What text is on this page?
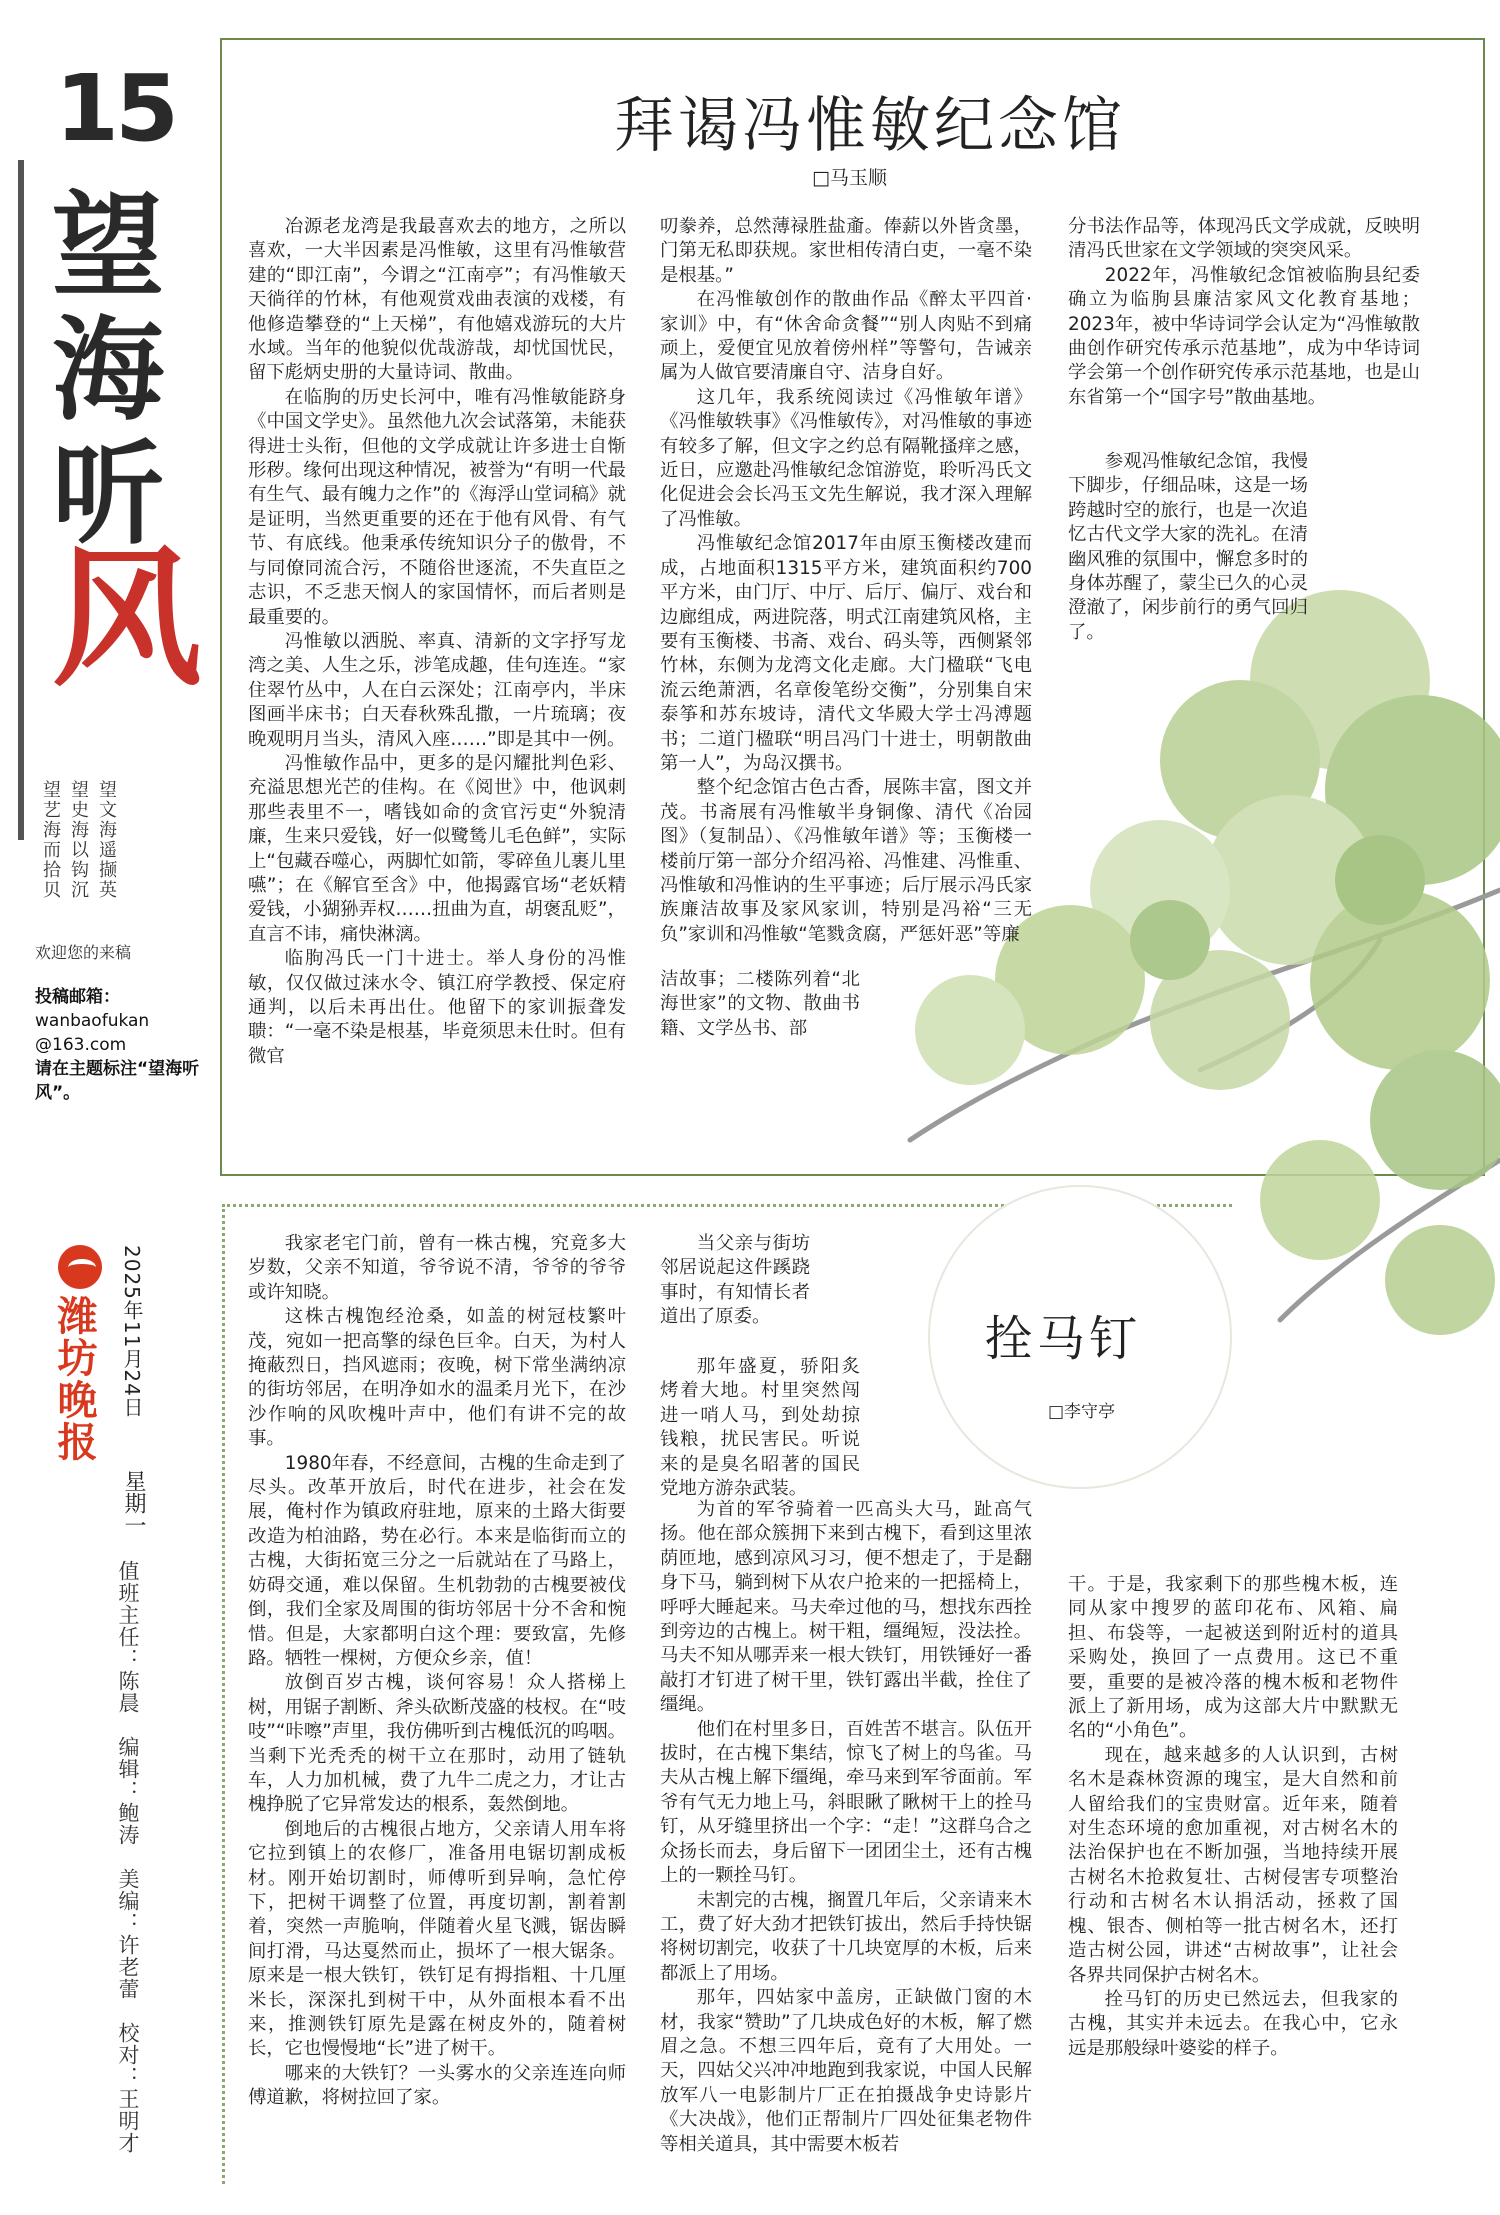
15
望
海
听
风
望文海遥撷英
望史海以钩沉
望艺海而拾贝
欢迎您的来稿
投稿邮箱：
wanbaofukan
@163.com
请在主题标注“望海听风”。
潍坊晚报 2025年11月24日
星期一
值班主任：陈晨　编辑：鲍涛　美编：许老蕾　校对：王明才
拜谒冯惟敏纪念馆
□马玉顺

冶源老龙湾是我最喜欢去的地方，之所以喜欢，一大半因素是冯惟敏，这里有冯惟敏营建的“即江南”，今谓之“江南亭”；有冯惟敏天天徜徉的竹林，有他观赏戏曲表演的戏楼，有他修造攀登的“上天梯”，有他嬉戏游玩的大片水域。当年的他貌似优哉游哉，却忧国忧民，留下彪炳史册的大量诗词、散曲。

在临朐的历史长河中，唯有冯惟敏能跻身《中国文学史》。虽然他九次会试落第，未能获得进士头衔，但他的文学成就让许多进士自惭形秽。缘何出现这种情况，被誉为“有明一代最有生气、最有魄力之作”的《海浮山堂词稿》就是证明，当然更重要的还在于他有风骨、有气节、有底线。他秉承传统知识分子的傲骨，不与同僚同流合污，不随俗世逐流，不失直臣之志识，不乏悲天悯人的家国情怀，而后者则是最重要的。

冯惟敏以洒脱、率真、清新的文字抒写龙湾之美、人生之乐，涉笔成趣，佳句连连。“家住翠竹丛中，人在白云深处；江南亭内，半床图画半床书；白天春秋殊乱撒，一片琉璃；夜晚观明月当头，清风入座……”即是其中一例。

冯惟敏作品中，更多的是闪耀批判色彩、充溢思想光芒的佳构。在《阅世》中，他讽刺那些表里不一，嗜钱如命的贪官污吏“外貌清廉，生来只爱钱，好一似鹭鸶儿毛色鲜”，实际上“包藏吞噬心，两脚忙如箭，零碎鱼儿裹儿里嚥”；在《解官至含》中，他揭露官场“老妖精爱钱，小猢狲弄权……扭曲为直，胡褒乱贬”，直言不讳，痛快淋漓。

临朐冯氏一门十进士。举人身份的冯惟敏，仅仅做过涞水令、镇江府学教授、保定府通判，以后未再出仕。他留下的家训振聋发聩：“一毫不染是根基，毕竟须思未仕时。但有微官

叨豢养，总然薄禄胜盐齑。俸薪以外皆贪墨，门第无私即获规。家世相传清白吏，一毫不染是根基。”

在冯惟敏创作的散曲作品《醉太平四首·家训》中，有“休舍命贪餐”“别人肉贴不到痛顽上，爱便宜见放着傍州样”等警句，告诫亲属为人做官要清廉自守、洁身自好。

这几年，我系统阅读过《冯惟敏年谱》《冯惟敏轶事》《冯惟敏传》，对冯惟敏的事迹有较多了解，但文字之约总有隔靴搔痒之感，近日，应邀赴冯惟敏纪念馆游览，聆听冯氏文化促进会会长冯玉文先生解说，我才深入理解了冯惟敏。

冯惟敏纪念馆2017年由原玉衡楼改建而成，占地面积1315平方米，建筑面积约700平方米，由门厅、中厅、后厅、偏厅、戏台和边廊组成，两进院落，明式江南建筑风格，主要有玉衡楼、书斋、戏台、码头等，西侧紧邻竹林，东侧为龙湾文化走廊。大门楹联“飞电流云绝萧洒，名章俊笔纷交衡”，分别集自宋泰筝和苏东坡诗，清代文华殿大学士冯溥题书；二道门楹联“明吕冯门十进士，明朝散曲第一人”，为岛汉撰书。

整个纪念馆古色古香，展陈丰富，图文并茂。书斋展有冯惟敏半身铜像、清代《冶园图》（复制品）、《冯惟敏年谱》等；玉衡楼一楼前厅第一部分介绍冯裕、冯惟建、冯惟重、冯惟敏和冯惟讷的生平事迹；后厅展示冯氏家族廉洁故事及家风家训，特别是冯裕“三无负”家训和冯惟敏“笔戮贪腐，严惩奸恶”等廉

洁故事；二楼陈列着“北海世家”的文物、散曲书籍、文学丛书、部

分书法作品等，体现冯氏文学成就，反映明清冯氏世家在文学领域的突突风采。

2022年，冯惟敏纪念馆被临朐县纪委确立为临朐县廉洁家风文化教育基地；2023年，被中华诗词学会认定为“冯惟敏散曲创作研究传承示范基地”，成为中华诗词学会第一个创作研究传承示范基地，也是山东省第一个“国字号”散曲基地。

参观冯惟敏纪念馆，我慢下脚步，仔细品味，这是一场跨越时空的旅行，也是一次追忆古代文学大家的洗礼。在清幽风雅的氛围中，懈怠多时的身体苏醒了，蒙尘已久的心灵澄澈了，闲步前行的勇气回归了。

拴马钉
□李守亭

我家老宅门前，曾有一株古槐，究竟多大岁数，父亲不知道，爷爷说不清，爷爷的爷爷或许知晓。

这株古槐饱经沧桑，如盖的树冠枝繁叶茂，宛如一把高擎的绿色巨伞。白天，为村人掩蔽烈日，挡风遮雨；夜晚，树下常坐满纳凉的街坊邻居，在明净如水的温柔月光下，在沙沙作响的风吹槐叶声中，他们有讲不完的故事。

1980年春，不经意间，古槐的生命走到了尽头。改革开放后，时代在进步，社会在发展，俺村作为镇政府驻地，原来的土路大街要改造为柏油路，势在必行。本来是临街而立的古槐，大街拓宽三分之一后就站在了马路上，妨碍交通，难以保留。生机勃勃的古槐要被伐倒，我们全家及周围的街坊邻居十分不舍和惋惜。但是，大家都明白这个理：要致富，先修路。牺牲一棵树，方便众乡亲，值！

放倒百岁古槐，谈何容易！众人搭梯上树，用锯子割断、斧头砍断茂盛的枝杈。在“吱吱”“咔嚓”声里，我仿佛听到古槐低沉的呜咽。当剩下光秃秃的树干立在那时，动用了链轨车，人力加机械，费了九牛二虎之力，才让古槐挣脱了它异常发达的根系，轰然倒地。

倒地后的古槐很占地方，父亲请人用车将它拉到镇上的农修厂，准备用电锯切割成板材。刚开始切割时，师傅听到异响，急忙停下，把树干调整了位置，再度切割，割着割着，突然一声脆响，伴随着火星飞溅，锯齿瞬间打滑，马达戛然而止，损坏了一根大锯条。原来是一根大铁钉，铁钉足有拇指粗、十几厘米长，深深扎到树干中，从外面根本看不出来，推测铁钉原先是露在树皮外的，随着树长，它也慢慢地“长”进了树干。

哪来的大铁钉？一头雾水的父亲连连向师傅道歉，将树拉回了家。

当父亲与街坊邻居说起这件蹊跷事时，有知情长者道出了原委。

那年盛夏，骄阳炙烤着大地。村里突然闯进一哨人马，到处劫掠钱粮，扰民害民。听说来的是臭名昭著的国民党地方游杂武装。

为首的军爷骑着一匹高头大马，趾高气扬。他在部众簇拥下来到古槐下，看到这里浓荫匝地，感到凉风习习，便不想走了，于是翻身下马，躺到树下从农户抢来的一把摇椅上，呼呼大睡起来。马夫牵过他的马，想找东西拴到旁边的古槐上。树干粗，缰绳短，没法拴。马夫不知从哪弄来一根大铁钉，用铁锤好一番敲打才钉进了树干里，铁钉露出半截，拴住了缰绳。

他们在村里多日，百姓苦不堪言。队伍开拔时，在古槐下集结，惊飞了树上的鸟雀。马夫从古槐上解下缰绳，牵马来到军爷面前。军爷有气无力地上马，斜眼瞅了瞅树干上的拴马钉，从牙缝里挤出一个字：“走！”这群乌合之众扬长而去，身后留下一团团尘土，还有古槐上的一颗拴马钉。

未割完的古槐，搁置几年后，父亲请来木工，费了好大劲才把铁钉拔出，然后手持快锯将树切割完，收获了十几块宽厚的木板，后来都派上了用场。

那年，四姑家中盖房，正缺做门窗的木材，我家“赞助”了几块成色好的木板，解了燃眉之急。不想三四年后，竟有了大用处。一天，四姑父兴冲冲地跑到我家说，中国人民解放军八一电影制片厂正在拍摄战争史诗影片《大决战》，他们正帮制片厂四处征集老物件等相关道具，其中需要木板若

干。于是，我家剩下的那些槐木板，连同从家中搜罗的蓝印花布、风箱、扁担、布袋等，一起被送到附近村的道具采购处，换回了一点费用。这已不重要，重要的是被冷落的槐木板和老物件派上了新用场，成为这部大片中默默无名的“小角色”。

现在，越来越多的人认识到，古树名木是森林资源的瑰宝，是大自然和前人留给我们的宝贵财富。近年来，随着对生态环境的愈加重视，对古树名木的法治保护也在不断加强，当地持续开展古树名木抢救复壮、古树侵害专项整治行动和古树名木认捐活动，拯救了国槐、银杏、侧柏等一批古树名木，还打造古树公园，讲述“古树故事”，让社会各界共同保护古树名木。

拴马钉的历史已然远去，但我家的古槐，其实并未远去。在我心中，它永远是那般绿叶婆娑的样子。
